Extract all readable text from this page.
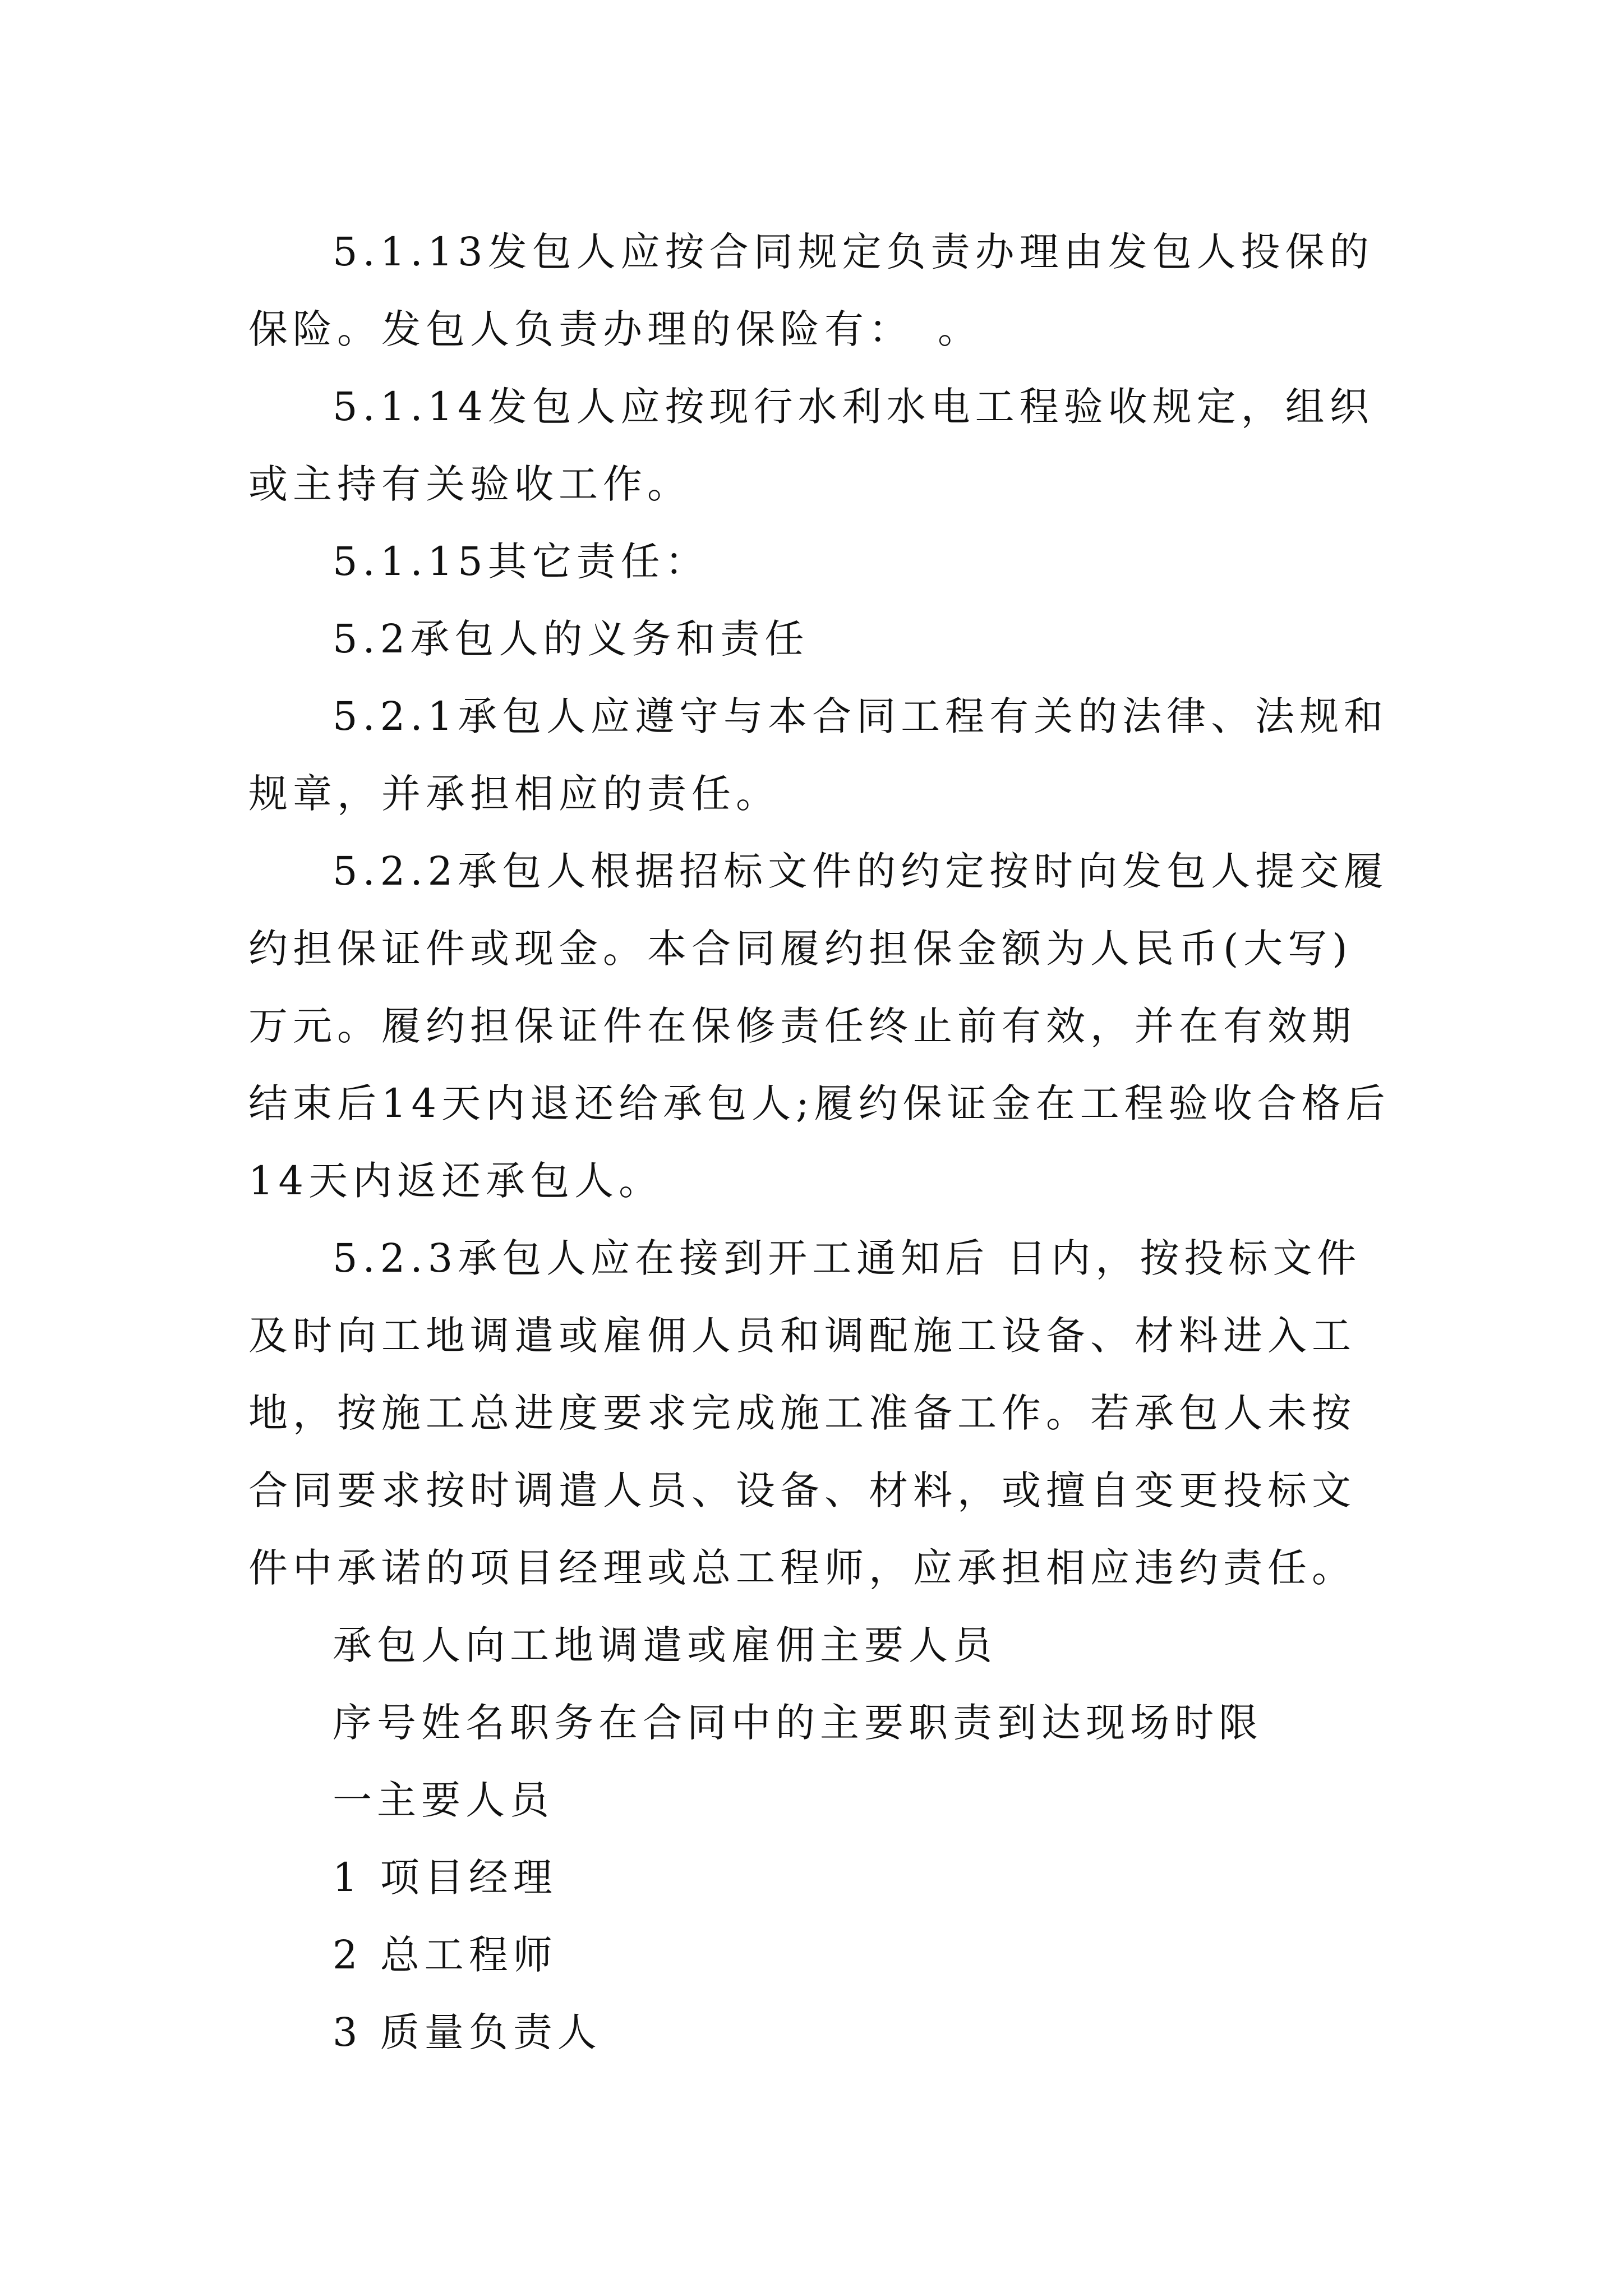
5.1.13发包人应按合同规定负责办理由发包人投保的保险。发包人负责办理的保险有：　。

5.1.14发包人应按现行水利水电工程验收规定，组织或主持有关验收工作。

5.1.15其它责任：

5.2承包人的义务和责任

5.2.1承包人应遵守与本合同工程有关的法律、法规和规章，并承担相应的责任。

5.2.2承包人根据招标文件的约定按时向发包人提交履约担保证件或现金。本合同履约担保金额为人民币(大写)万元。履约担保证件在保修责任终止前有效，并在有效期结束后14天内退还给承包人;履约保证金在工程验收合格后14天内返还承包人。

5.2.3承包人应在接到开工通知后 日内，按投标文件及时向工地调遣或雇佣人员和调配施工设备、材料进入工地，按施工总进度要求完成施工准备工作。若承包人未按合同要求按时调遣人员、设备、材料，或擅自变更投标文件中承诺的项目经理或总工程师，应承担相应违约责任。

承包人向工地调遣或雇佣主要人员

序号姓名职务在合同中的主要职责到达现场时限

一主要人员

1 项目经理

2 总工程师

3 质量负责人
